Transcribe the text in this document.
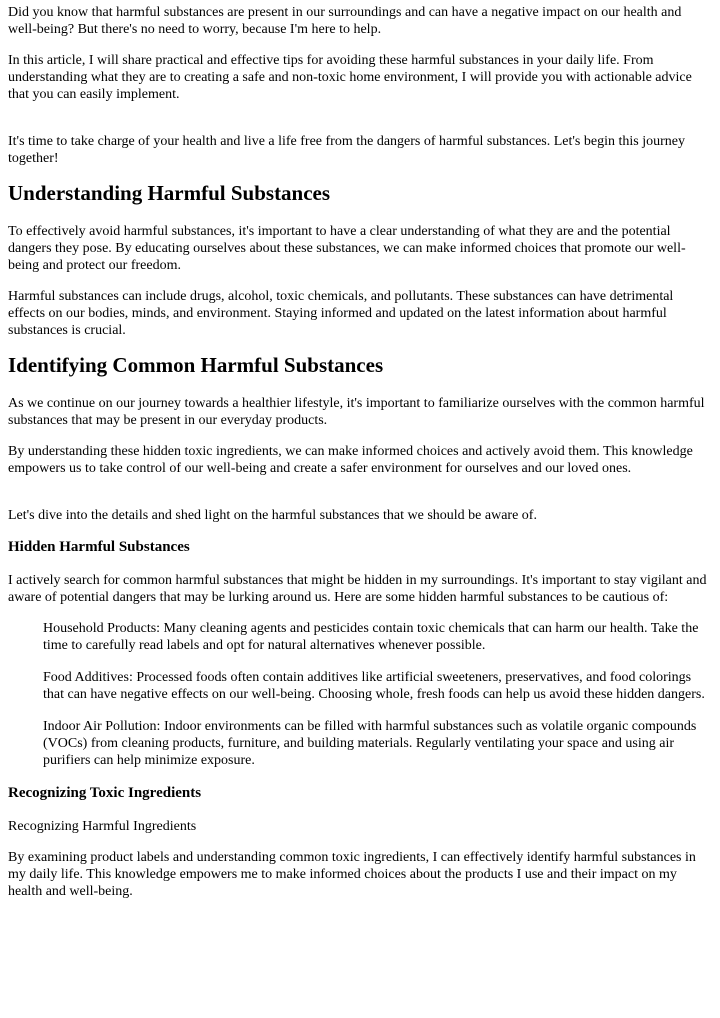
Did you know that harmful substances are present in our surroundings and can have a negative impact on our health and well-being? But there's no need to worry, because I'm here to help.

In this article, I will share practical and effective tips for avoiding these harmful substances in your daily life. From understanding what they are to creating a safe and non-toxic home environment, I will provide you with actionable advice that you can easily implement.

It's time to take charge of your health and live a life free from the dangers of harmful substances. Let's begin this journey together!

Understanding Harmful Substances

To effectively avoid harmful substances, it's important to have a clear understanding of what they are and the potential dangers they pose. By educating ourselves about these substances, we can make informed choices that promote our well-being and protect our freedom.

Harmful substances can include drugs, alcohol, toxic chemicals, and pollutants. These substances can have detrimental effects on our bodies, minds, and environment. Staying informed and updated on the latest information about harmful substances is crucial.

Identifying Common Harmful Substances

As we continue on our journey towards a healthier lifestyle, it's important to familiarize ourselves with the common harmful substances that may be present in our everyday products.

By understanding these hidden toxic ingredients, we can make informed choices and actively avoid them. This knowledge empowers us to take control of our well-being and create a safer environment for ourselves and our loved ones.

Let's dive into the details and shed light on the harmful substances that we should be aware of.

Hidden Harmful Substances

I actively search for common harmful substances that might be hidden in my surroundings. It's important to stay vigilant and aware of potential dangers that may be lurking around us. Here are some hidden harmful substances to be cautious of:

Household Products: Many cleaning agents and pesticides contain toxic chemicals that can harm our health. Take the time to carefully read labels and opt for natural alternatives whenever possible.

Food Additives: Processed foods often contain additives like artificial sweeteners, preservatives, and food colorings that can have negative effects on our well-being. Choosing whole, fresh foods can help us avoid these hidden dangers.

Indoor Air Pollution: Indoor environments can be filled with harmful substances such as volatile organic compounds (VOCs) from cleaning products, furniture, and building materials. Regularly ventilating your space and using air purifiers can help minimize exposure.

Recognizing Toxic Ingredients

Recognizing Harmful Ingredients

By examining product labels and understanding common toxic ingredients, I can effectively identify harmful substances in my daily life. This knowledge empowers me to make informed choices about the products I use and their impact on my health and well-being.
